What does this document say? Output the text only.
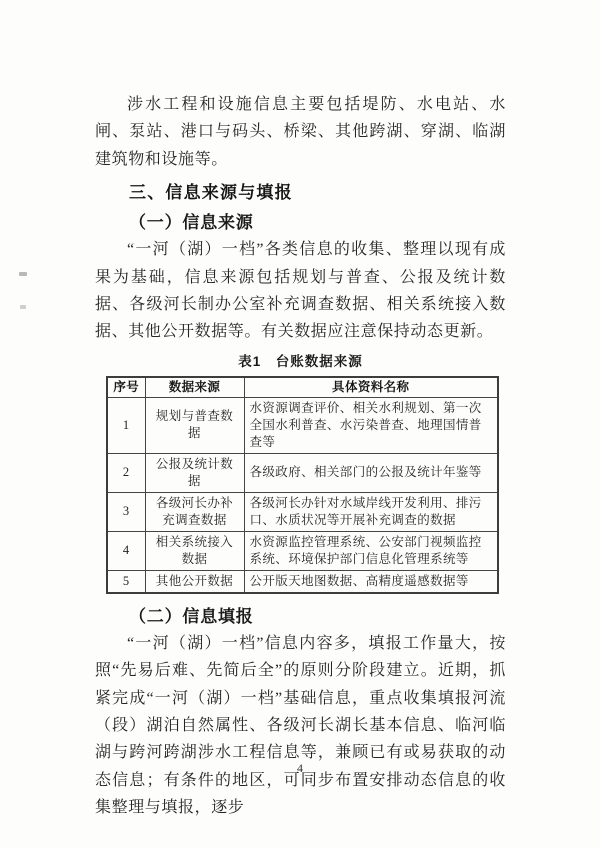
涉水工程和设施信息主要包括堤防、水电站、水闸、泵站、港口与码头、桥梁、其他跨湖、穿湖、临湖建筑物和设施等。

三、信息来源与填报
（一）信息来源

“一河（湖）一档”各类信息的收集、整理以现有成果为基础，信息来源包括规划与普查、公报及统计数据、各级河长制办公室补充调查数据、相关系统接入数据、其他公开数据等。有关数据应注意保持动态更新。

表1　台账数据来源
序号	数据来源	具体资料名称
1	规划与普查数据	水资源调查评价、相关水利规划、第一次全国水利普查、水污染普查、地理国情普查等
2	公报及统计数据	各级政府、相关部门的公报及统计年鉴等
3	各级河长办补充调查数据	各级河长办针对水域岸线开发利用、排污口、水质状况等开展补充调查的数据
4	相关系统接入数据	水资源监控管理系统、公安部门视频监控系统、环境保护部门信息化管理系统等
5	其他公开数据	公开版天地图数据、高精度遥感数据等
（二）信息填报

“一河（湖）一档”信息内容多，填报工作量大，按照“先易后难、先简后全”的原则分阶段建立。近期，抓紧完成“一河（湖）一档”基础信息，重点收集填报河流（段）湖泊自然属性、各级河长湖长基本信息、临河临湖与跨河跨湖涉水工程信息等，兼顾已有或易获取的动态信息；有条件的地区，可同步布置安排动态信息的收集整理与填报，逐步

4
